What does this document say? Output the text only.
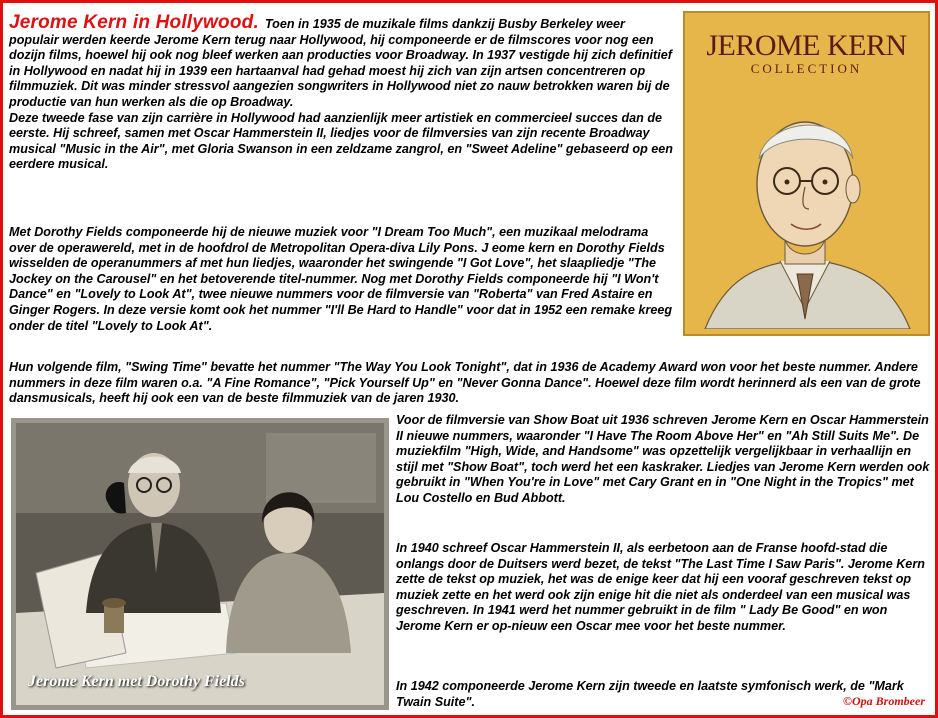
Jerome Kern in Hollywood. Toen in 1935 de muzikale films dankzij Busby Berkeley weer populair werden keerde Jerome Kern terug naar Hollywood, hij componeerde er de filmscores voor nog een dozijn films, hoewel hij ook nog bleef werken aan producties voor Broadway. In 1937 vestigde hij zich definitief in Hollywood en nadat hij in 1939 een hartaanval had gehad moest hij zich van zijn artsen concentreren op filmmuziek. Dit was minder stressvol aangezien songwriters in Hollywood niet zo nauw betrokken waren bij de productie van hun werken als die op Broadway.
Deze tweede fase van zijn carrière in Hollywood had aanzienlijk meer artistiek en commercieel succes dan de eerste. Hij schreef, samen met Oscar Hammerstein II, liedjes voor de filmversies van zijn recente Broadway musical "Music in the Air", met Gloria Swanson in een zeldzame zangrol, en "Sweet Adeline" gebaseerd op een eerdere musical.

Met Dorothy Fields componeerde hij de nieuwe muziek voor "I Dream Too Much", een muzikaal melodrama over de operawereld, met in de hoofdrol de Metropolitan Opera-diva Lily Pons. J eome kern en Dorothy Fields wisselden de operanummers af met hun liedjes, waaronder het swingende "I Got Love", het slaapliedje "The Jockey on the Carousel" en het betoverende titel-nummer. Nog met Dorothy Fields componeerde hij "I Won't Dance" en "Lovely to Look At", twee nieuwe nummers voor de filmversie van "Roberta" van Fred Astaire en Ginger Rogers. In deze versie komt ook het nummer "I'll Be Hard to Handle" voor dat in 1952 een remake kreeg onder de titel "Lovely to Look At".

Hun volgende film, "Swing Time" bevatte het nummer "The Way You Look Tonight", dat in 1936 de Academy Award won voor het beste nummer. Andere nummers in deze film waren o.a. "A Fine Romance", "Pick Yourself Up" en "Never Gonna Dance". Hoewel deze film wordt herinnerd als een van de grote dansmusicals, heeft hij ook een van de beste filmmuziek van de jaren 1930.

Voor de filmversie van Show Boat uit 1936 schreven Jerome Kern en Oscar Hammerstein II nieuwe nummers, waaronder "I Have The Room Above Her" en "Ah Still Suits Me". De muziekfilm "High, Wide, and Handsome" was opzettelijk vergelijkbaar in verhaallijn en stijl met "Show Boat", toch werd het een kaskraker. Liedjes van Jerome Kern werden ook gebruikt in "When You're in Love" met Cary Grant en in "One Night in the Tropics" met Lou Costello en Bud Abbott.

In 1940 schreef Oscar Hammerstein II, als eerbetoon aan de Franse hoofd-stad die onlangs door de Duitsers werd bezet, de tekst "The Last Time I Saw Paris". Jerome Kern zette de tekst op muziek, het was de enige keer dat hij een vooraf geschreven tekst op muziek zette en het werd ook zijn enige hit die niet als onderdeel van een musical was geschreven. In 1941 werd het nummer gebruikt in de film " Lady Be Good" en won Jerome Kern er op-nieuw een Oscar mee voor het beste nummer.

In 1942 componeerde Jerome Kern zijn tweede en laatste symfonisch werk, de "Mark Twain Suite".	©Opa Brombeer
JEROME KERN
COLLECTION
Jerome Kern met Dorothy Fields
